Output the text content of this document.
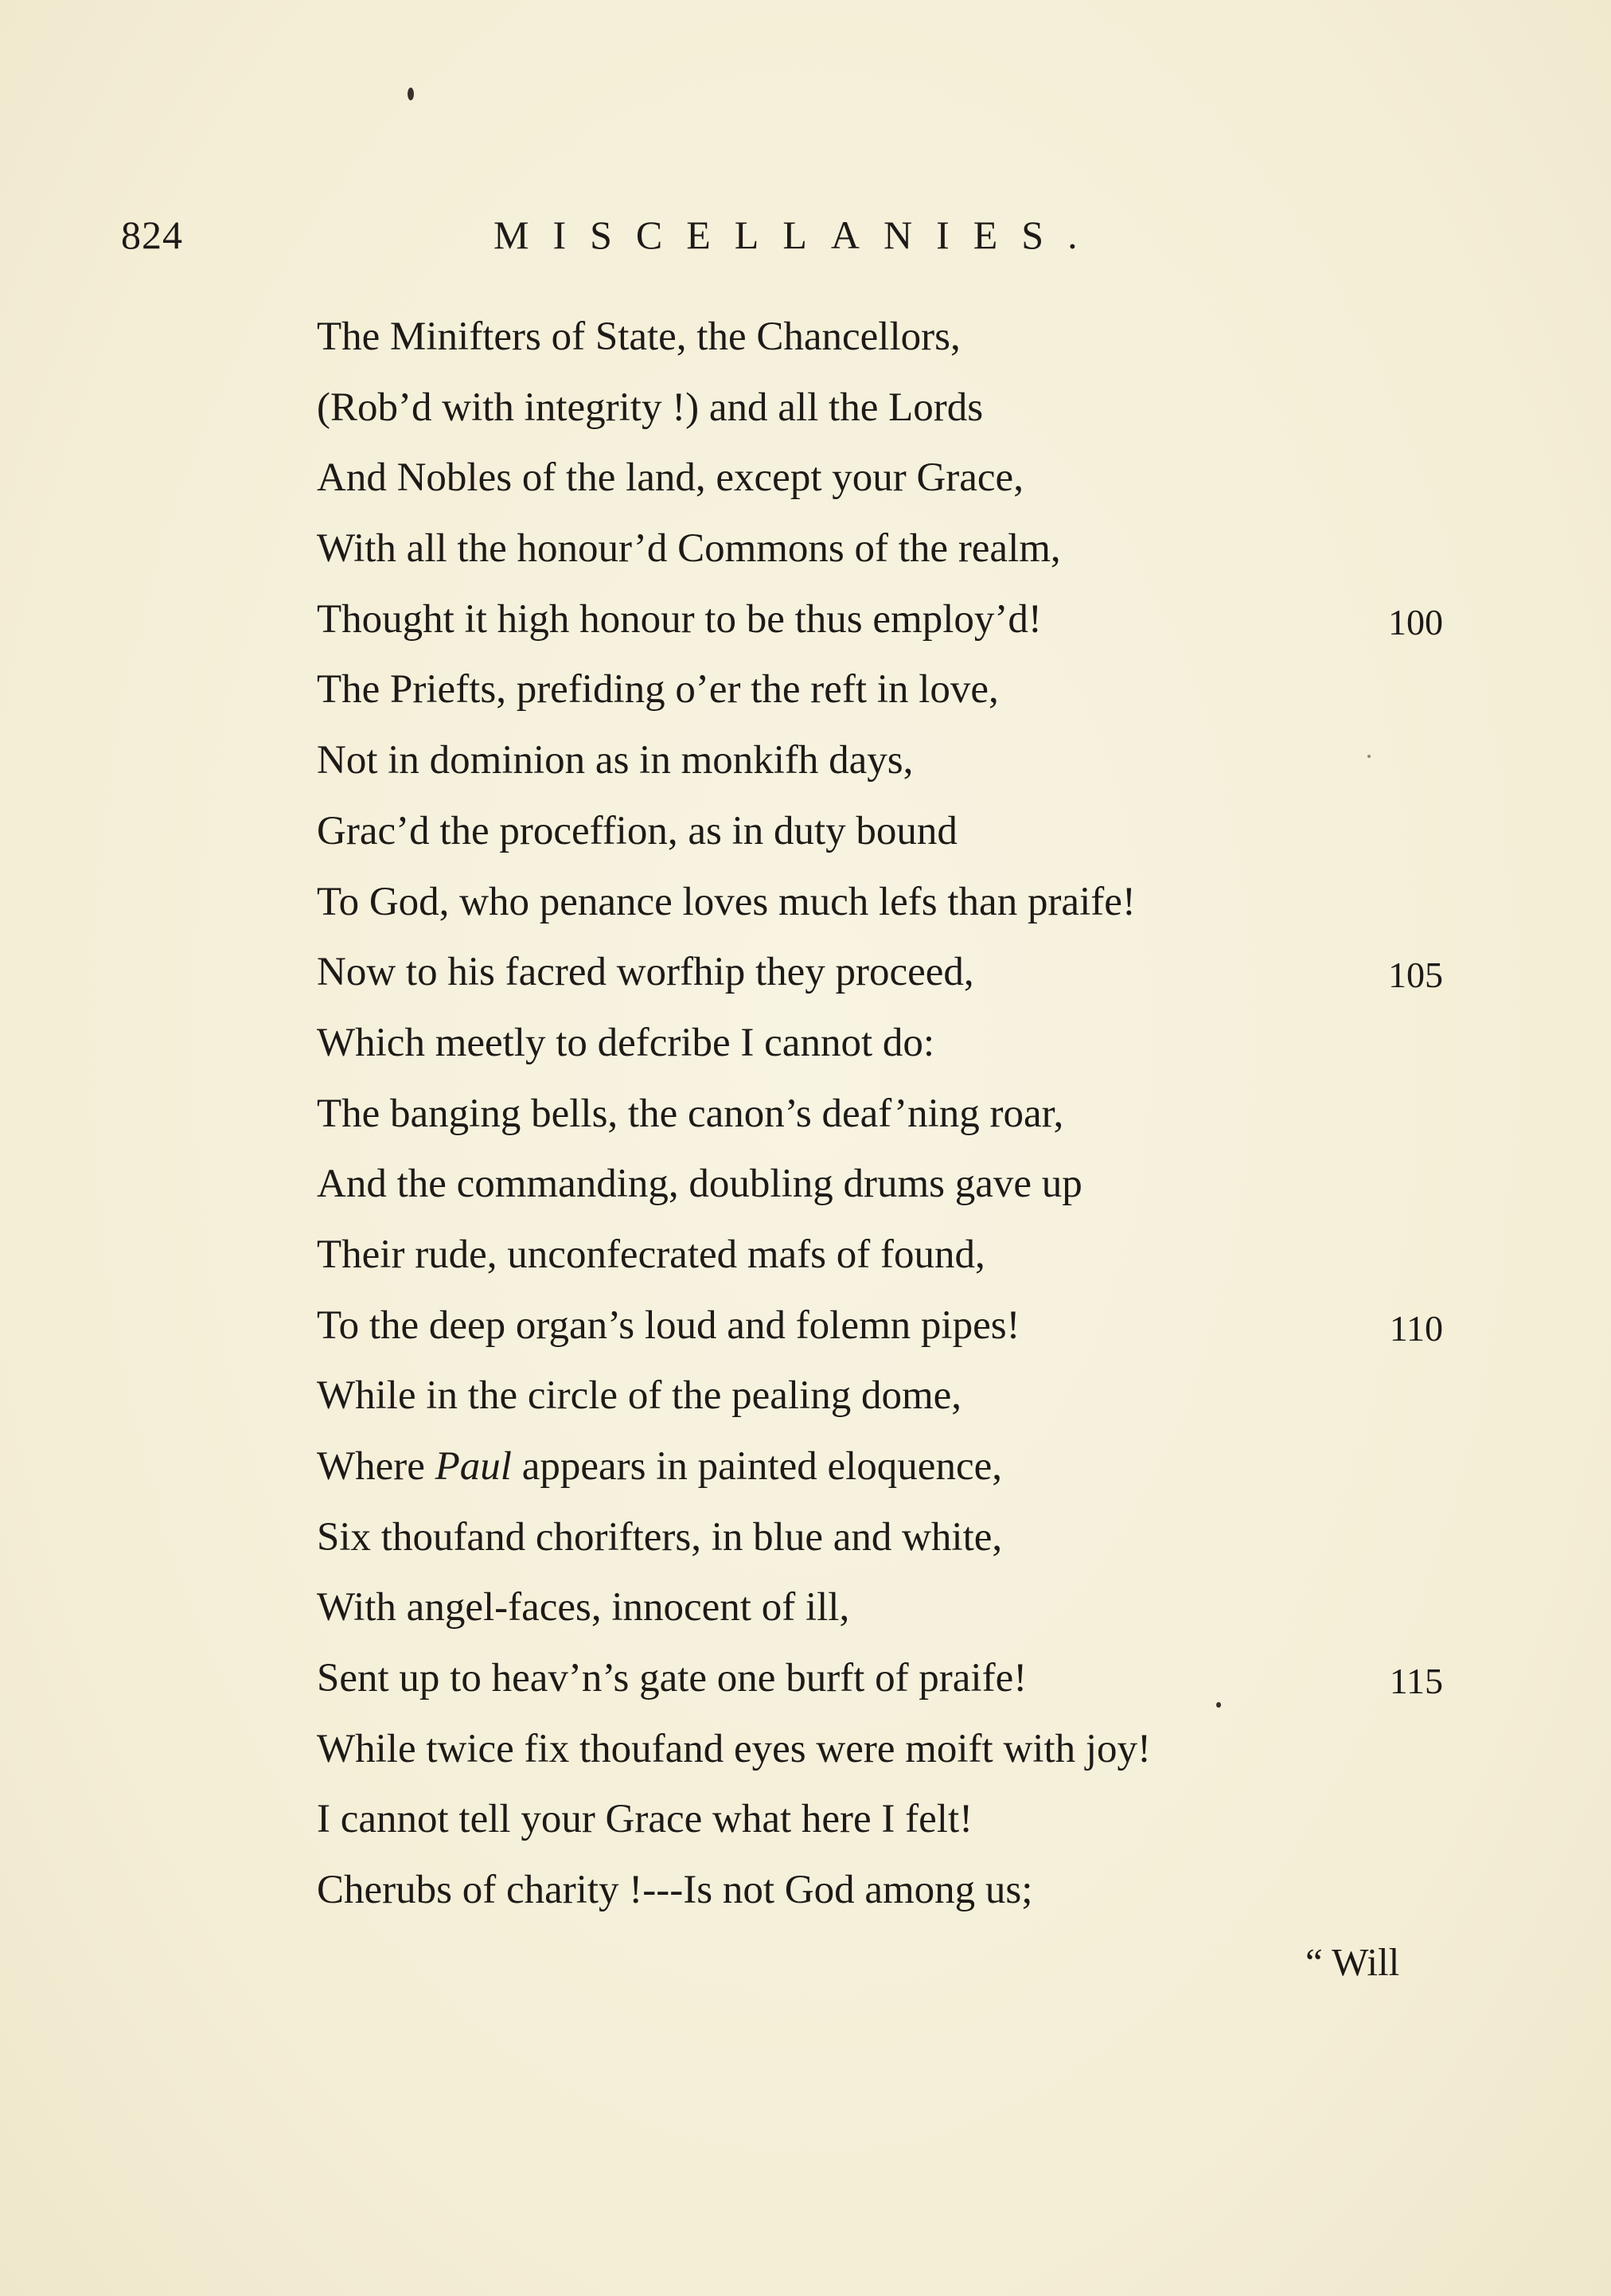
824	MISCELLANIES.
The Minifters of State, the Chancellors,
(Rob’d with integrity !) and all the Lords
And Nobles of the land, except your Grace,
With all the honour’d Commons of the realm,
Thought it high honour to be thus employ’d!	100
The Priefts, prefiding o’er the reft in love,
Not in dominion as in monkifh days,
Grac’d the proceffion, as in duty bound
To God, who penance loves much lefs than praife!
Now to his facred worfhip they proceed,	105
Which meetly to defcribe I cannot do:
The banging bells, the canon’s deaf’ning roar,
And the commanding, doubling drums gave up
Their rude, unconfecrated mafs of found,
To the deep organ’s loud and folemn pipes!	110
While in the circle of the pealing dome,
Where Paul appears in painted eloquence,
Six thoufand chorifters, in blue and white,
With angel-faces, innocent of ill,
Sent up to heav’n’s gate one burft of praife!	115
While twice fix thoufand eyes were moift with joy!
I cannot tell your Grace what here I felt!
Cherubs of charity !---Is not God among us;
“ Will
